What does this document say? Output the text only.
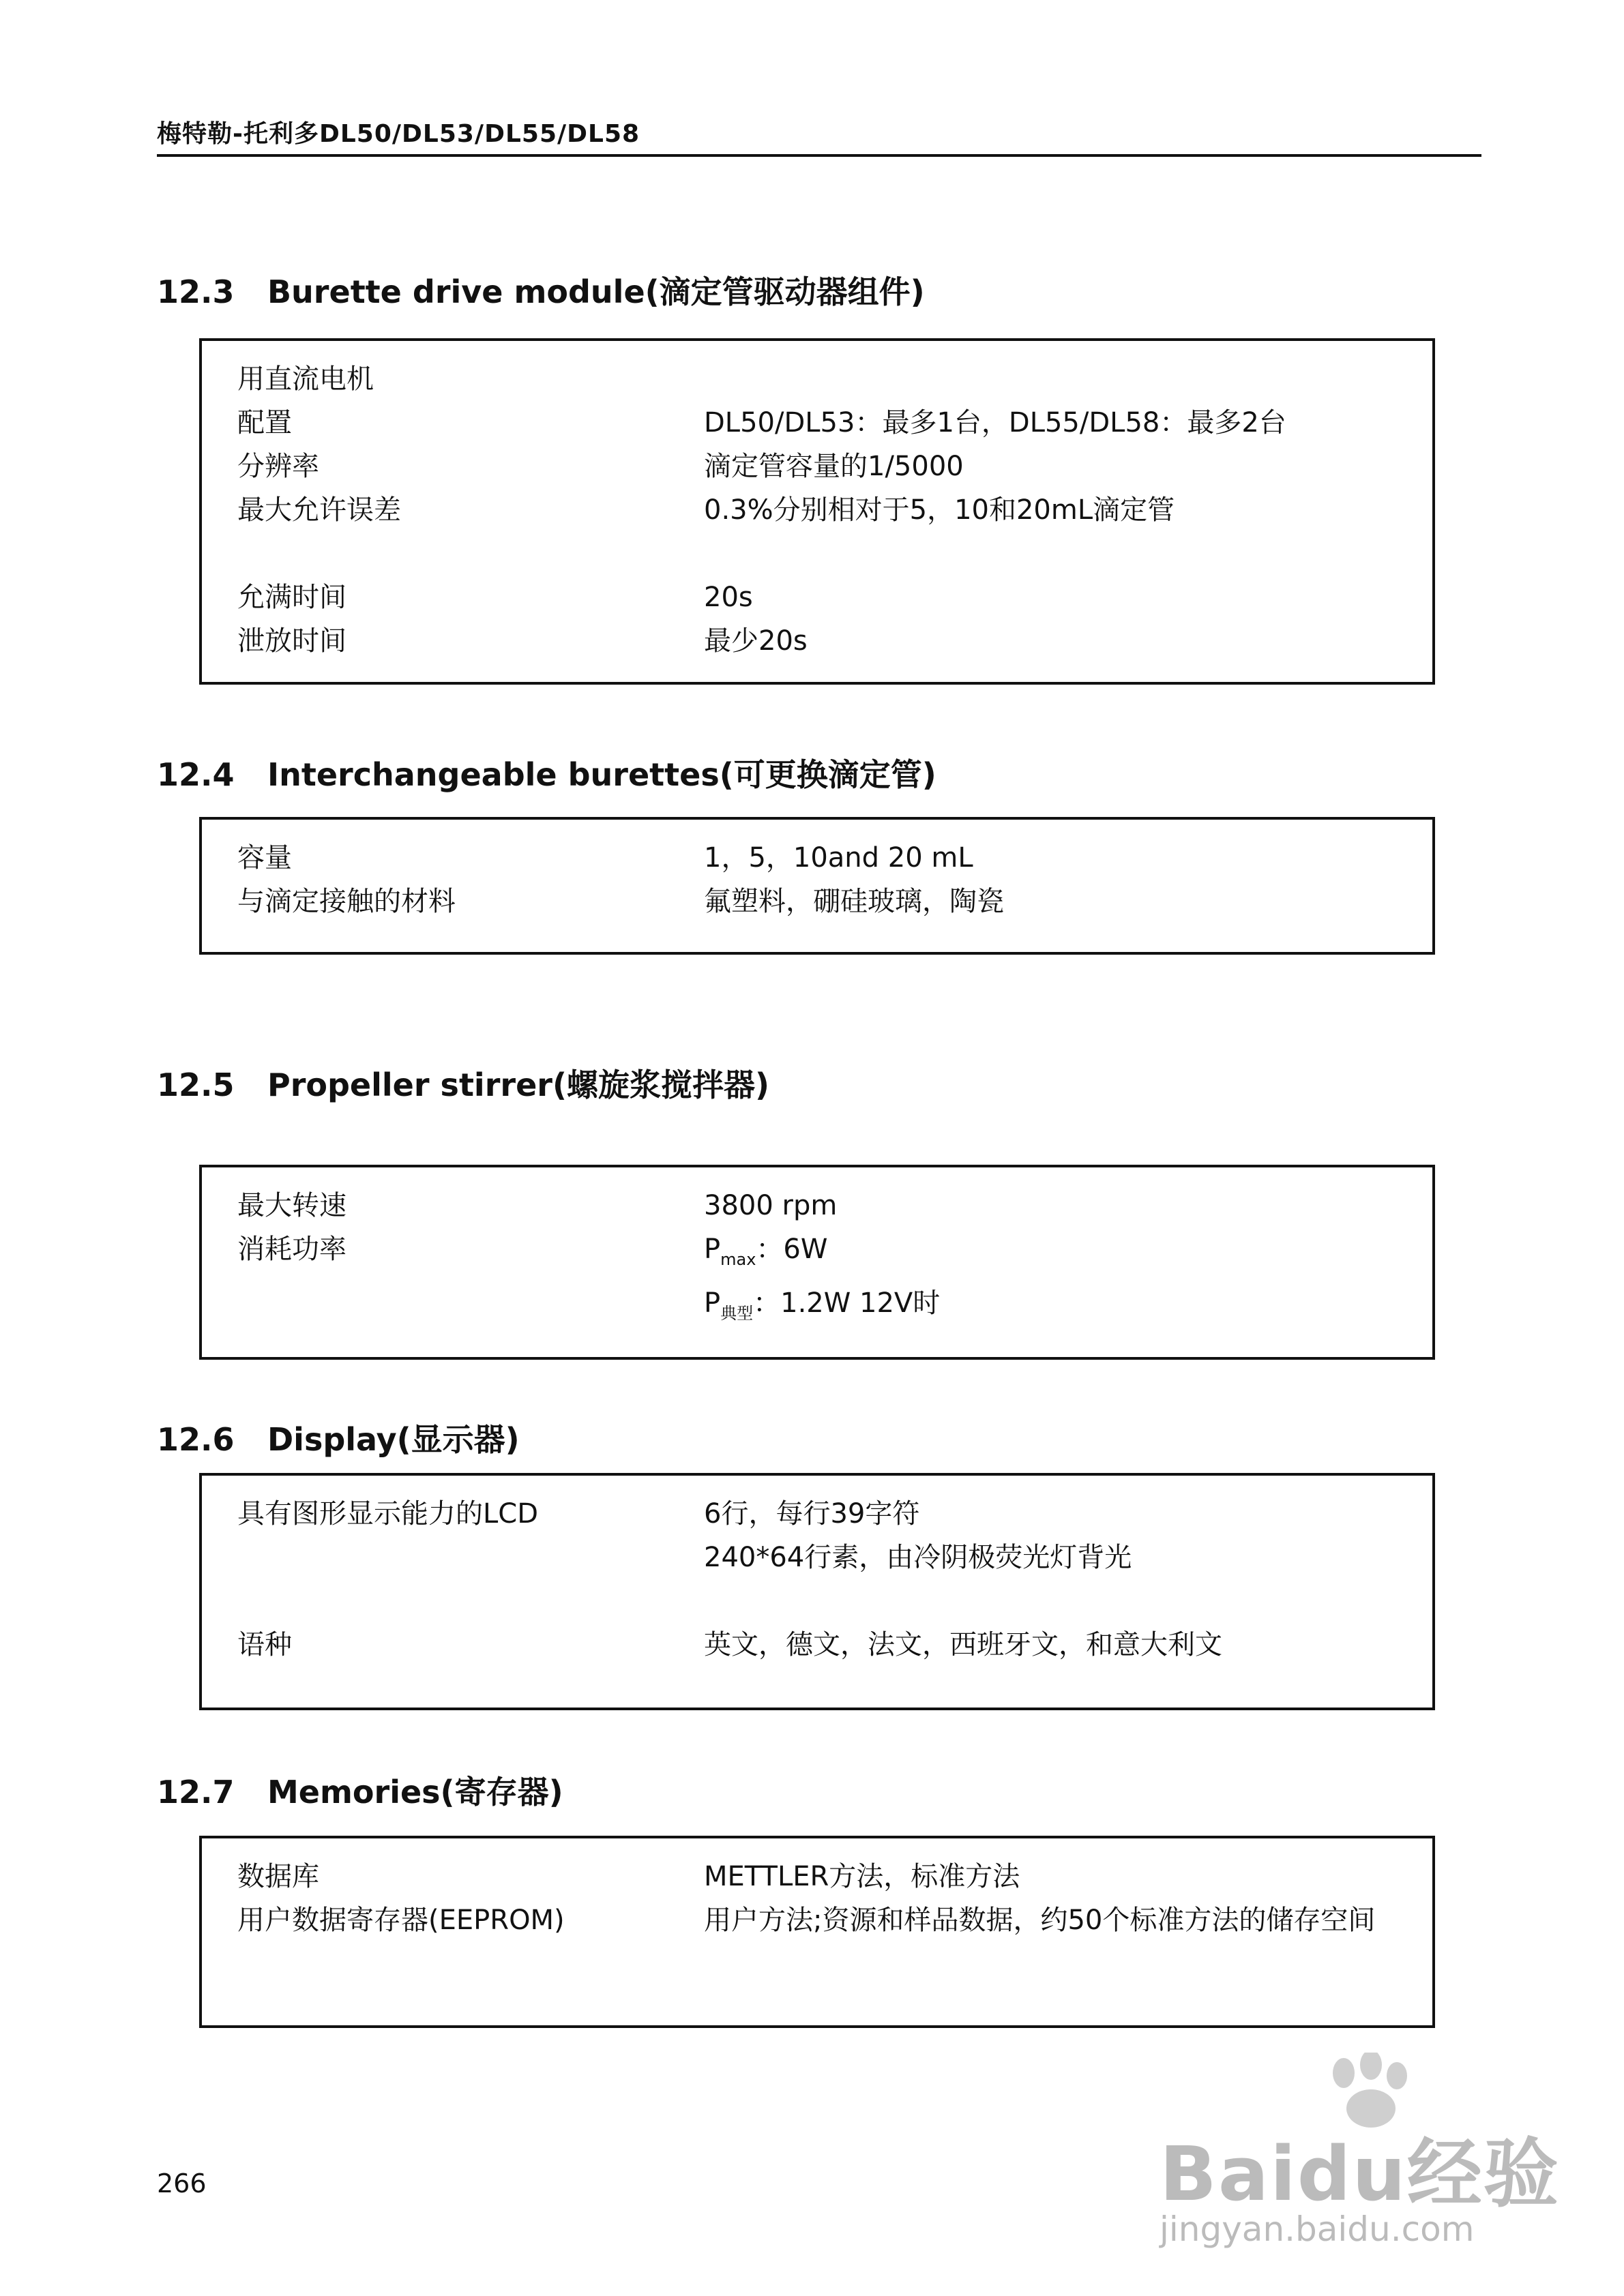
梅特勒-托利多DL50/DL53/DL55/DL58
12.3 Burette drive module(滴定管驱动器组件)
用直流电机
配置	DL50/DL53：最多1台，DL55/DL58：最多2台
分辨率	滴定管容量的1/5000
最大允许误差	0.3%分别相对于5，10和20mL滴定管
允满时间	20s
泄放时间	最少20s
12.4 Interchangeable burettes(可更换滴定管)
容量	1，5，10and 20 mL
与滴定接触的材料	氟塑料，硼硅玻璃，陶瓷
12.5 Propeller stirrer(螺旋浆搅拌器)
最大转速	3800 rpm
消耗功率	$P_{max}$：6W
$P_{典型}$：1.2W 12V时
12.6 Display(显示器)
具有图形显示能力的LCD	6行，每行39字符
240*64行素，由冷阴极荧光灯背光
语种	英文，德文，法文，西班牙文，和意大利文
12.7 Memories(寄存器)
数据库	METTLER方法，标准方法
用户数据寄存器(EEPROM)	用户方法;资源和样品数据，约50个标准方法的储存空间
266	Baidu经验
jingyan.baidu.com
